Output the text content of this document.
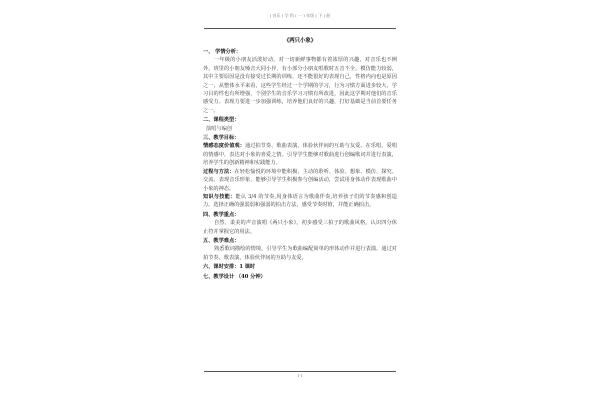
( 音乐 ) 学 科 ( 一 ) 年级 ( 下 ) 册
《两只小象》
一、 学情分析：
一年级的小朋友活泼好动，对一切新鲜事物都有着浓厚的兴趣，对音乐也不例外，班里的小朋友嗓音大同小异，有小部分小朋友唱歌时五音不全，模仿能力较弱，其中主要原因是没有接受过长期的训练，还不能很好的表现自己，性格内向也是原因之一，从整体水平来看，这些学生经过一个学期的学习，行为习惯方面进步较大，学习目的性也有所增强，个别学生的音乐学习习惯有所改进，因此这学期对他们的音乐感受力、表现力要进一步加强训练，培养他们良好的兴趣，打好基础是当前首要任务之一。
二、课程类型：
演唱与编创
三、教学目标：
情感态度价值观：通过拍节奏、歌曲表演，体验伙伴间的互助与友爱。在乐唱，爱唱的情感中，表达对小象的喜爱之情。引导学生能够对歌曲进行创编歌词并进行表演，培养学生的创新精神和实践能力。
过程与方法：在轻松愉悦的环境中能积极、主动的聆听、体验、想象、模仿、探究、交流、表现音乐形象，能够引导学生积极参与创编活动，尝试用身体动作表现歌曲中小象的神态。
知识与技能：能认 3/4 的节奏,用身体语言为歌曲伴奏,培养孩子们的节奏感和创造力。选择正确的强弱弱和强弱的拍击方法，感受节奏时值，并能正确拍击。
四、教学重点：
自然、柔美的声音演唱《两只小象》，初步感受三拍子的歌曲风格，认识四分休止符并掌握它的用法。
五、教学难点：
熟悉歌词描绘的情境，引导学生为歌曲编配简单的形体动作并进行表演，通过对拍节奏、歌表演，体验伙伴间的互助与友爱。
六、课时安排：1 课时
七、教学设计 （40 分钟）
1-1
